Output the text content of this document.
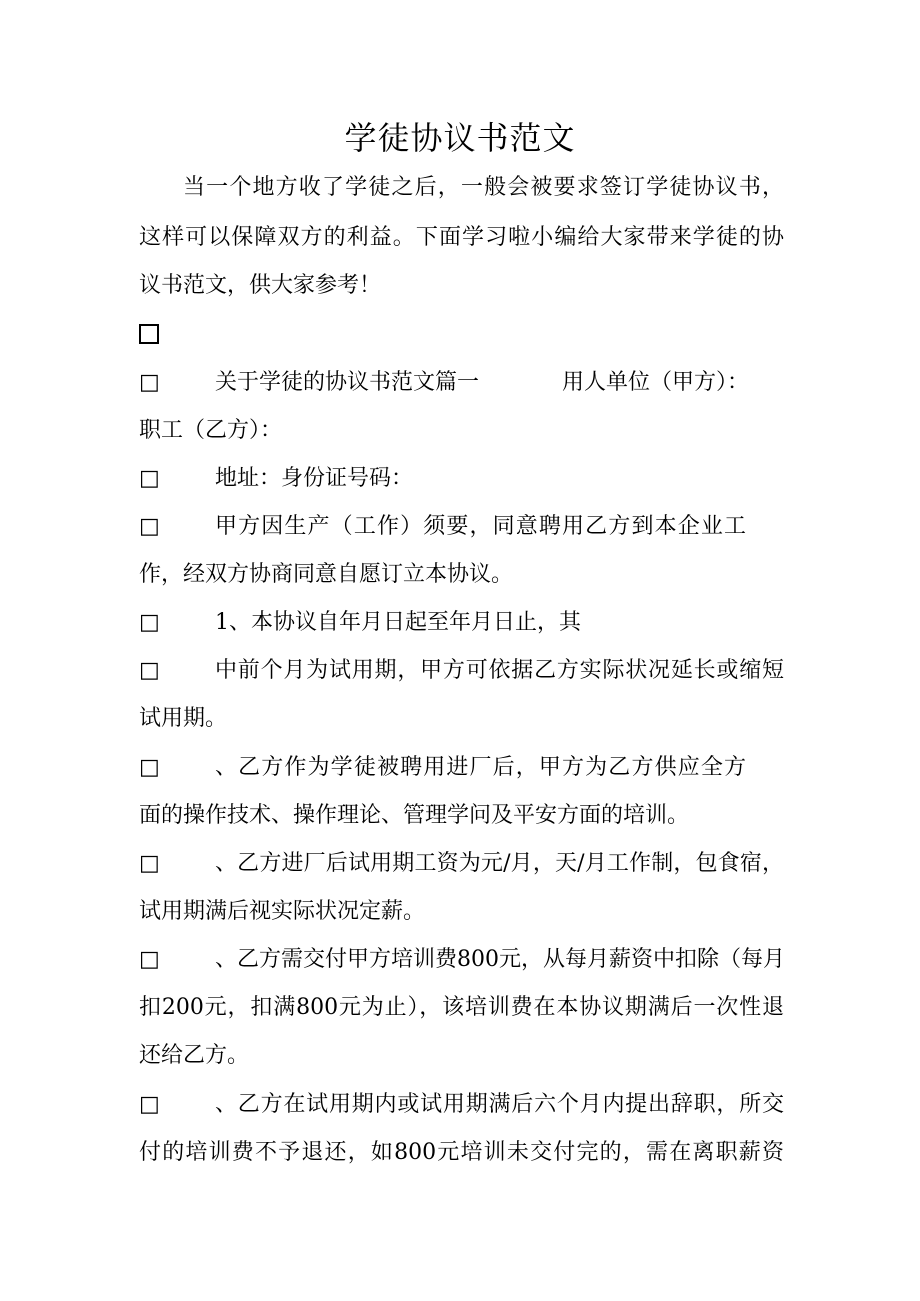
学徒协议书范文
当一个地方收了学徒之后，一般会被要求签订学徒协议书，
这样可以保障双方的利益。下面学习啦小编给大家带来学徒的协
议书范文，供大家参考！
□	关于学徒的协议书范文篇一	用人单位（甲方）：
职工（乙方）：
□	地址：身份证号码：
□	甲方因生产（工作）须要，同意聘用乙方到本企业工
作，经双方协商同意自愿订立本协议。
□	1、本协议自年月日起至年月日止，其
□	中前个月为试用期，甲方可依据乙方实际状况延长或缩短
试用期。
□	、乙方作为学徒被聘用进厂后，甲方为乙方供应全方
面的操作技术、操作理论、管理学问及平安方面的培训。
□	、乙方进厂后试用期工资为元/月，天/月工作制，包食宿，
试用期满后视实际状况定薪。
□	、乙方需交付甲方培训费800元，从每月薪资中扣除（每月
扣200元，扣满800元为止），该培训费在本协议期满后一次性退
还给乙方。
□	、乙方在试用期内或试用期满后六个月内提出辞职，所交
付的培训费不予退还，如800元培训未交付完的，需在离职薪资
